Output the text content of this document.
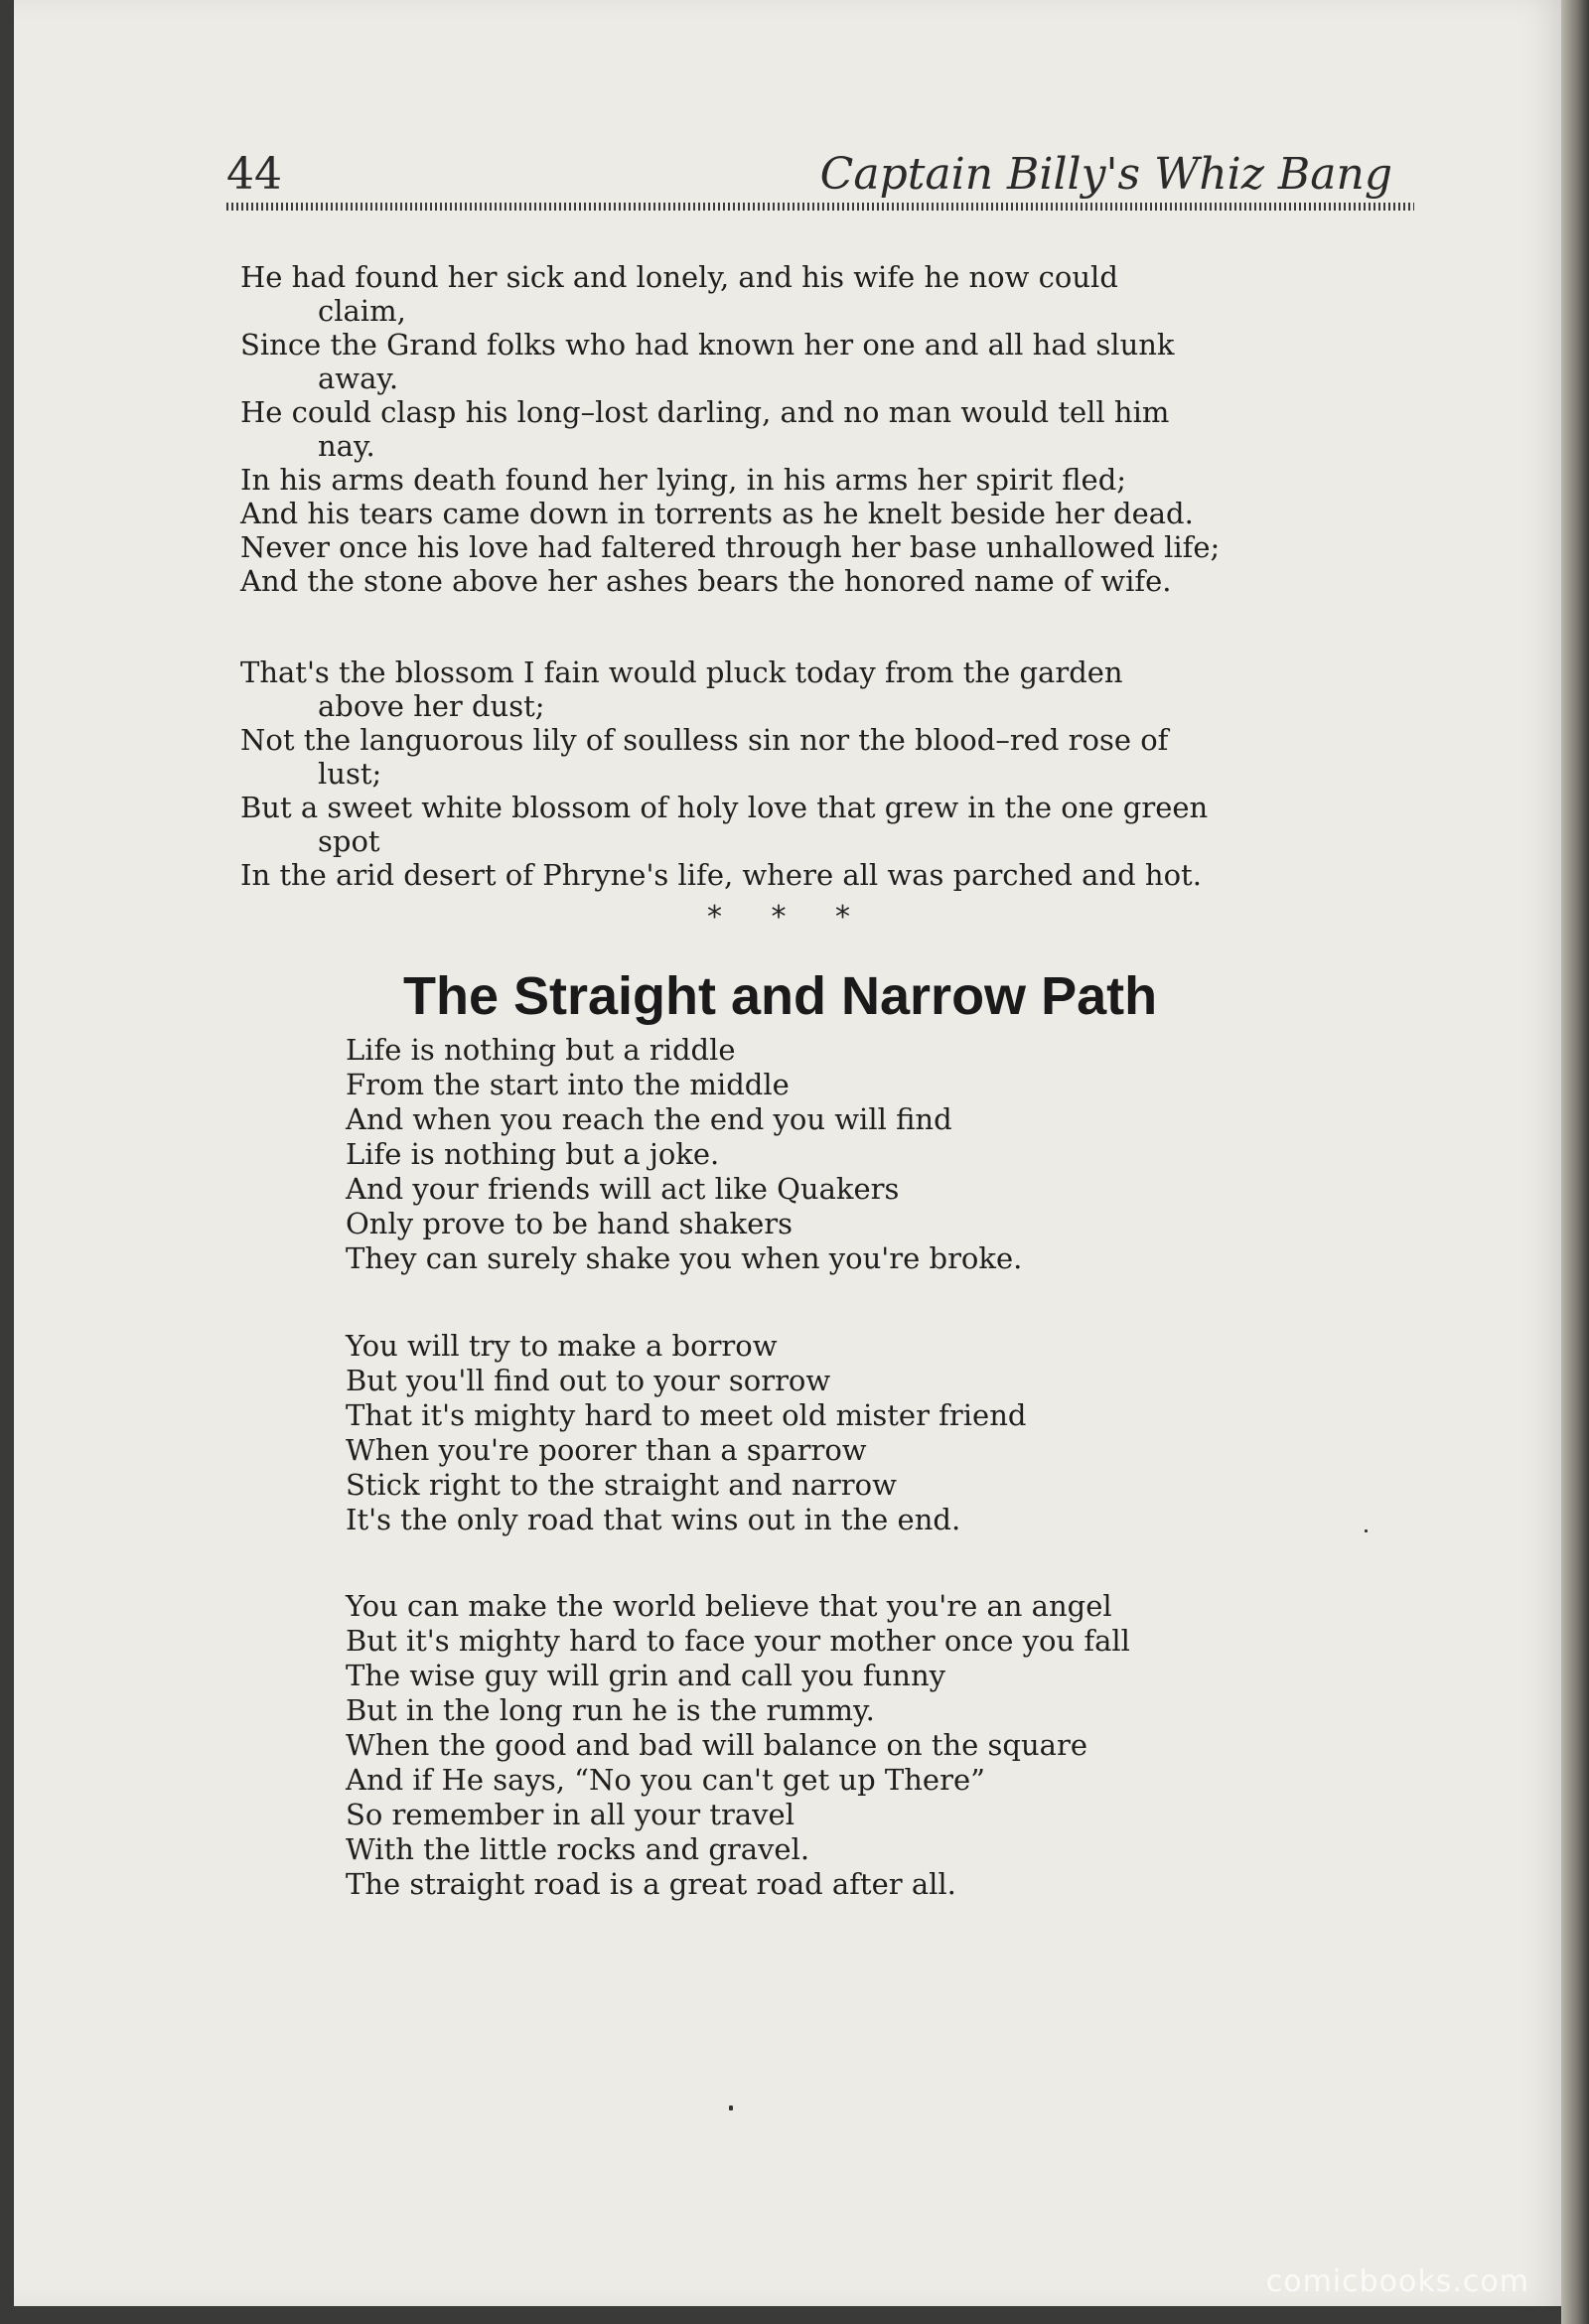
44	Captain Billy's Whiz Bang
He had found her sick and lonely, and his wife he now could
claim,
Since the Grand folks who had known her one and all had slunk
away.
He could clasp his long–lost darling, and no man would tell him
nay.
In his arms death found her lying, in his arms her spirit fled;
And his tears came down in torrents as he knelt beside her dead.
Never once his love had faltered through her base unhallowed life;
And the stone above her ashes bears the honored name of wife.
That's the blossom I fain would pluck today from the garden
above her dust;
Not the languorous lily of soulless sin nor the blood–red rose of
lust;
But a sweet white blossom of holy love that grew in the one green
spot
In the arid desert of Phryne's life, where all was parched and hot.
* * *
The Straight and Narrow Path
Life is nothing but a riddle
From the start into the middle
And when you reach the end you will find
Life is nothing but a joke.
And your friends will act like Quakers
Only prove to be hand shakers
They can surely shake you when you're broke.
You will try to make a borrow
But you'll find out to your sorrow
That it's mighty hard to meet old mister friend
When you're poorer than a sparrow
Stick right to the straight and narrow
It's the only road that wins out in the end.
You can make the world believe that you're an angel
But it's mighty hard to face your mother once you fall
The wise guy will grin and call you funny
But in the long run he is the rummy.
When the good and bad will balance on the square
And if He says, “No you can't get up There”
So remember in all your travel
With the little rocks and gravel.
The straight road is a great road after all.
comicbooks.com
